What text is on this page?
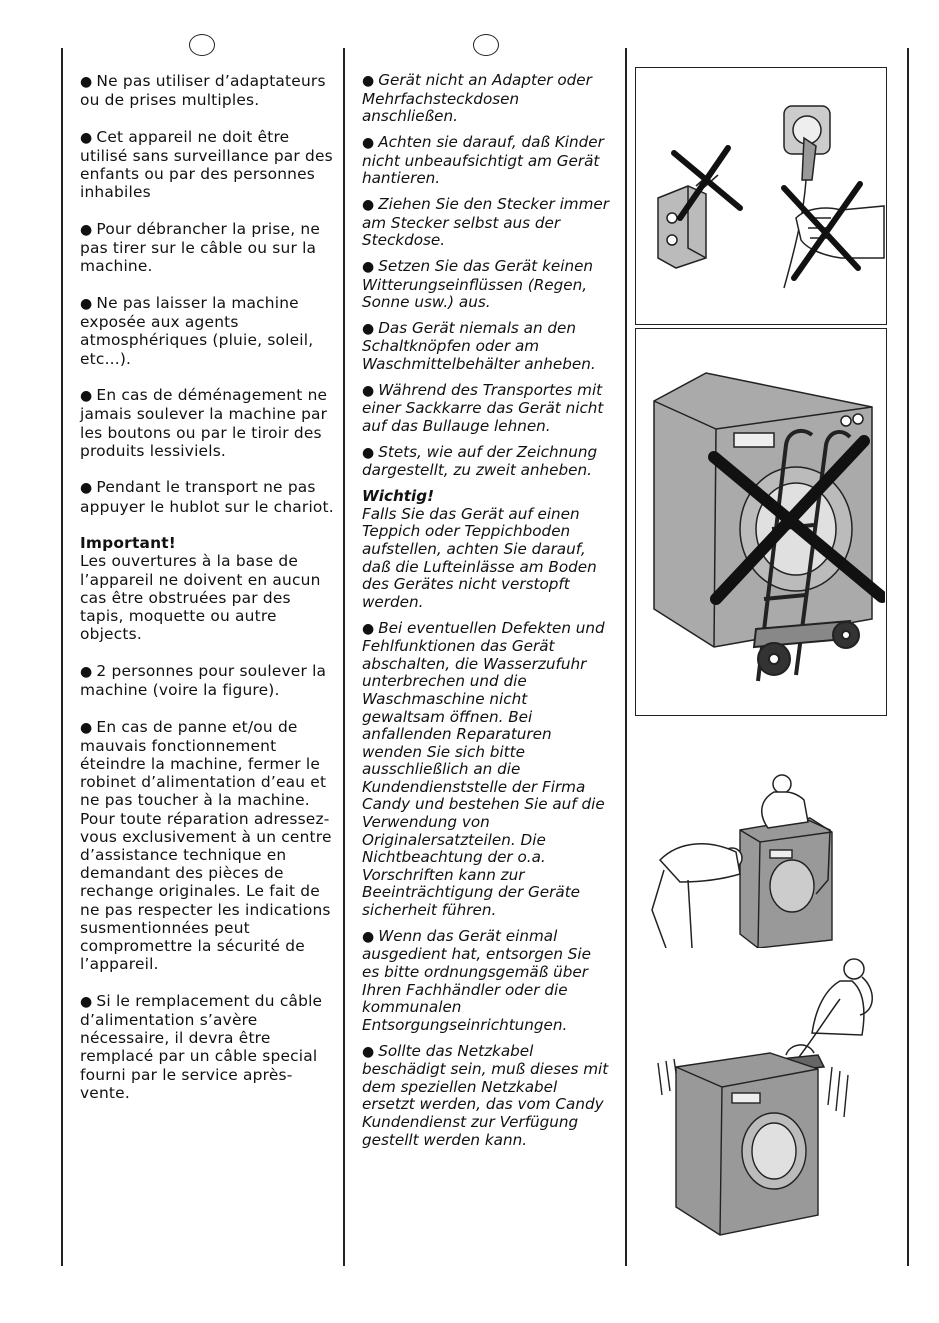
● Ne pas utiliser d’adaptateurs ou de prises multiples.

● Cet appareil ne doit être utilisé sans surveillance par des enfants ou par des personnes inhabiles

● Pour débrancher la prise, ne pas tirer sur le câble ou sur la machine.

● Ne pas laisser la machine exposée aux agents atmosphériques (pluie, soleil, etc...).

● En cas de déménagement ne jamais soulever la machine par les boutons ou par le tiroir des produits lessiviels.

● Pendant le transport ne pas appuyer le hublot sur le chariot.

Important!
Les ouvertures à la base de l’appareil ne doivent en aucun cas être obstruées par des tapis, moquette ou autre objects.

● 2 personnes pour soulever la machine (voire la figure).

● En cas de panne et/ou de mauvais fonctionnement éteindre la machine, fermer le robinet d’alimentation d’eau et ne pas toucher à la machine. Pour toute réparation adressez-vous exclusivement à un centre d’assistance technique en demandant des pièces de rechange originales. Le fait de ne pas respecter les indications susmentionnées peut compromettre la sécurité de l’appareil.

● Si le remplacement du câble d’alimentation s’avère nécessaire, il devra être remplacé par un câble special fourni par le service après-vente.

● Gerät nicht an Adapter oder Mehrfachsteckdosen anschließen.

● Achten sie darauf, daß Kinder nicht unbeaufsichtigt am Gerät hantieren.

● Ziehen Sie den Stecker immer am Stecker selbst aus der Steckdose.

● Setzen Sie das Gerät keinen Witterungseinflüssen (Regen, Sonne usw.) aus.

● Das Gerät niemals an den Schaltknöpfen oder am Waschmittelbehälter anheben.

● Während des Transportes mit einer Sackkarre das Gerät nicht auf das Bullauge lehnen.

● Stets, wie auf der Zeichnung dargestellt, zu zweit anheben.

Wichtig!
Falls Sie das Gerät auf einen Teppich oder Teppichboden aufstellen, achten Sie darauf, daß die Lufteinlässe am Boden des Gerätes nicht verstopft werden.

● Bei eventuellen Defekten und Fehlfunktionen das Gerät abschalten, die Wasserzufuhr unterbrechen und die Waschmaschine nicht gewaltsam öffnen. Bei anfallenden Reparaturen wenden Sie sich bitte ausschließlich an die Kundendienststelle der Firma Candy und bestehen Sie auf die Verwendung von Originalersatzteilen. Die Nichtbeachtung der o.a. Vorschriften kann zur Beeinträchtigung der Geräte sicherheit führen.

● Wenn das Gerät einmal ausgedient hat, entsorgen Sie es bitte ordnungsgemäß über Ihren Fachhändler oder die kommunalen Entsorgungseinrichtungen.

● Sollte das Netzkabel beschädigt sein, muß dieses mit dem speziellen Netzkabel ersetzt werden, das vom Candy Kundendienst zur Verfügung gestellt werden kann.
